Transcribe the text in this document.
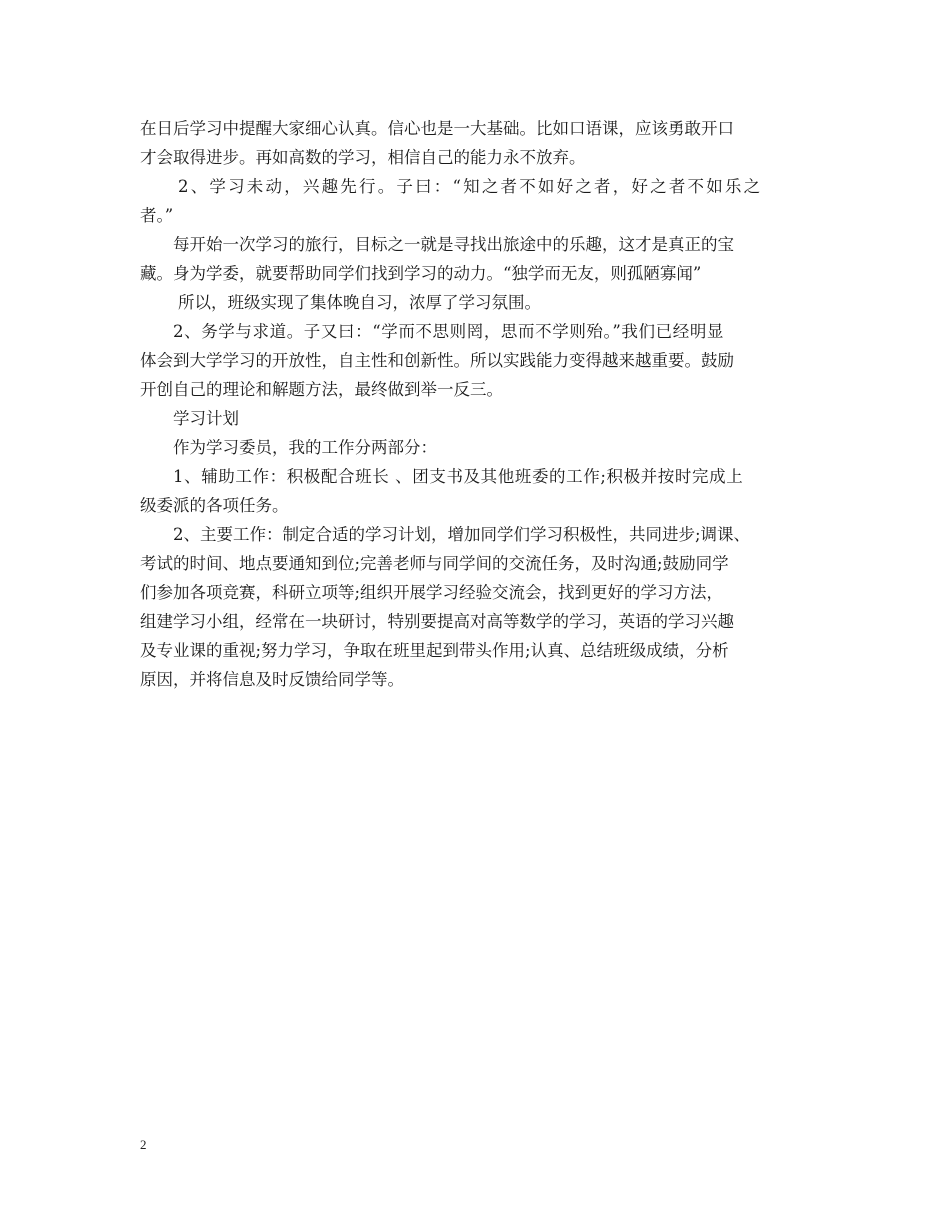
在日后学习中提醒大家细心认真。信心也是一大基础。比如口语课，应该勇敢开口
才会取得进步。再如高数的学习，相信自己的能力永不放弃。
2、学习未动，兴趣先行。子曰：“知之者不如好之者，好之者不如乐之
者。”
每开始一次学习的旅行，目标之一就是寻找出旅途中的乐趣，这才是真正的宝
藏。身为学委，就要帮助同学们找到学习的动力。“独学而无友，则孤陋寡闻”
所以，班级实现了集体晚自习，浓厚了学习氛围。
2、务学与求道。子又曰：“学而不思则罔，思而不学则殆。”我们已经明显
体会到大学学习的开放性，自主性和创新性。所以实践能力变得越来越重要。鼓励
开创自己的理论和解题方法，最终做到举一反三。
学习计划
作为学习委员，我的工作分两部分：
1、辅助工作：积极配合班长 、团支书及其他班委的工作;积极并按时完成上
级委派的各项任务。
2、主要工作：制定合适的学习计划，增加同学们学习积极性，共同进步;调课、
考试的时间、地点要通知到位;完善老师与同学间的交流任务，及时沟通;鼓励同学
们参加各项竞赛，科研立项等;组织开展学习经验交流会，找到更好的学习方法，
组建学习小组，经常在一块研讨，特别要提高对高等数学的学习，英语的学习兴趣
及专业课的重视;努力学习，争取在班里起到带头作用;认真、总结班级成绩，分析
原因，并将信息及时反馈给同学等。
2
